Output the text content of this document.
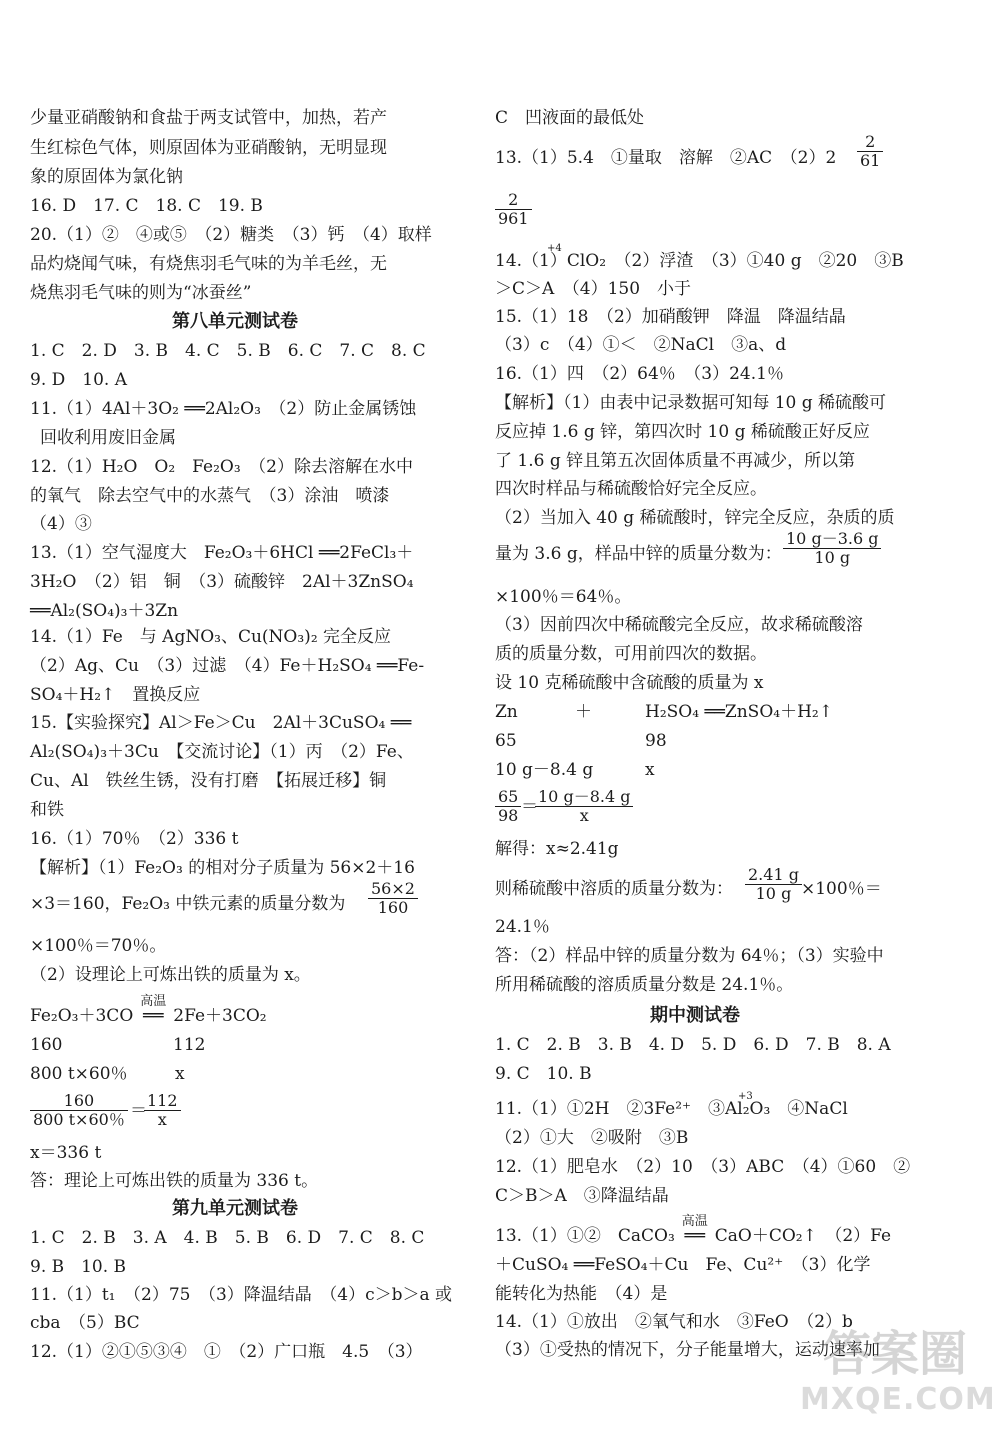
少量亚硝酸钠和食盐于两支试管中，加热，若产
生红棕色气体，则原固体为亚硝酸钠，无明显现
象的原固体为氯化钠
16. D　17. C　18. C　19. B
20.（1）②　④或⑤　（2）糖类　（3）钙　（4）取样
品灼烧闻气味，有烧焦羽毛气味的为羊毛丝，无
烧焦羽毛气味的则为“冰蚕丝”
第八单元测试卷
1. C　2. D　3. B　4. C　5. B　6. C　7. C　8. C
9. D　10. A
11.（1）4Al＋3O₂ ══2Al₂O₃　（2）防止金属锈蚀
回收利用废旧金属
12.（1）H₂O　O₂　Fe₂O₃　（2）除去溶解在水中
的氧气　除去空气中的水蒸气　（3）涂油　喷漆
（4）③
13.（1）空气湿度大　Fe₂O₃＋6HCl ══2FeCl₃＋
3H₂O　（2）铝　铜　（3）硫酸锌　2Al＋3ZnSO₄
══Al₂(SO₄)₃＋3Zn
14.（1）Fe　与 AgNO₃、Cu(NO₃)₂ 完全反应
（2）Ag、Cu　（3）过滤　（4）Fe＋H₂SO₄ ══Fe-
SO₄＋H₂↑　置换反应
15.【实验探究】Al＞Fe＞Cu　2Al＋3CuSO₄ ══
Al₂(SO₄)₃＋3Cu　【交流讨论】（1）丙　（2）Fe、
Cu、Al　铁丝生锈，没有打磨　【拓展迁移】铜
和铁
16.（1）70％　（2）336 t
【解析】（1）Fe₂O₃ 的相对分子质量为 56×2＋16
×3＝160，Fe₂O₃ 中铁元素的质量分数为 $\frac{56\times 2}{160}$
×100％＝70％。
（2）设理论上可炼出铁的质量为 x。
Fe₂O₃＋3CO
高温
══ 2Fe＋3CO₂
160	112
800 t×60％	x
$\frac{160}{800 t\times 60\%}$ ＝
$\frac{112}{x}$
x＝336 t
答：理论上可炼出铁的质量为 336 t。
第九单元测试卷
1. C　2. B　3. A　4. B　5. B　6. D　7. C　8. C
9. B　10. B
11.（1）t₁　（2）75　（3）降温结晶　（4）c＞b＞a 或
cba　（5）BC
12.（1）②①⑤③④　①　（2）广口瓶　4.5　（3）
C　凹液面的最低处
13.（1）5.4　①量取　溶解　②AC　$(2)2 \frac{2}{61}$
$\frac{2}{961}$
+4
14.（1）ClO₂　（2）浮渣　（3）①40 g　②20　③B
＞C＞A　（4）150　小于
15.（1）18　（2）加硝酸钾　降温　降温结晶
（3）c　（4）①＜　②NaCl　③a、d
16.（1）四　（2）64％　（3）24.1％
【解析】（1）由表中记录数据可知每 10 g 稀硫酸可
反应掉 1.6 g 锌，第四次时 10 g 稀硫酸正好反应
了 1.6 g 锌且第五次固体质量不再减少，所以第
四次时样品与稀硫酸恰好完全反应。
（2）当加入 40 g 稀硫酸时，锌完全反应，杂质的质
量为 3.6 g，样品中锌的质量分数为： $\frac{10 g-3.6 g}{10 g}$
×100％＝64％。
（3）因前四次中稀硫酸完全反应，故求稀硫酸溶
质的质量分数，可用前四次的数据。
设 10 克稀硫酸中含硫酸的质量为 x
Zn	＋	H₂SO₄ ══ZnSO₄＋H₂↑
65	98
10 g－8.4 g	x
$\frac{65}{98}$ ＝
$\frac{10 g-8.4 g}{x}$
解得：x≈2.41g
则稀硫酸中溶质的质量分数为： $\frac{2.41 g}{10 g} \times 100$％＝
24.1％
答：（2）样品中锌的质量分数为 64％；（3）实验中
所用稀硫酸的溶质质量分数是 24.1％。
期中测试卷
1. C　2. B　3. B　4. D　5. D　6. D　7. B　8. A
9. C　10. B
+3
11.（1）①2H　②3Fe²⁺　③Al₂O₃　④NaCl
（2）①大　②吸附　③B
12.（1）肥皂水　（2）10　（3）ABC　（4）①60　②
C＞B＞A　③降温结晶
13.（1）①②　CaCO₃
高温
══ CaO＋CO₂↑　（2）Fe
＋CuSO₄ ══FeSO₄＋Cu　Fe、Cu²⁺　（3）化学
能转化为热能　（4）是
14.（1）①放出　②氧气和水　③FeO　（2）b
（3）①受热的情况下，分子能量增大，运动速率加
答案圈
MXQE.COM
